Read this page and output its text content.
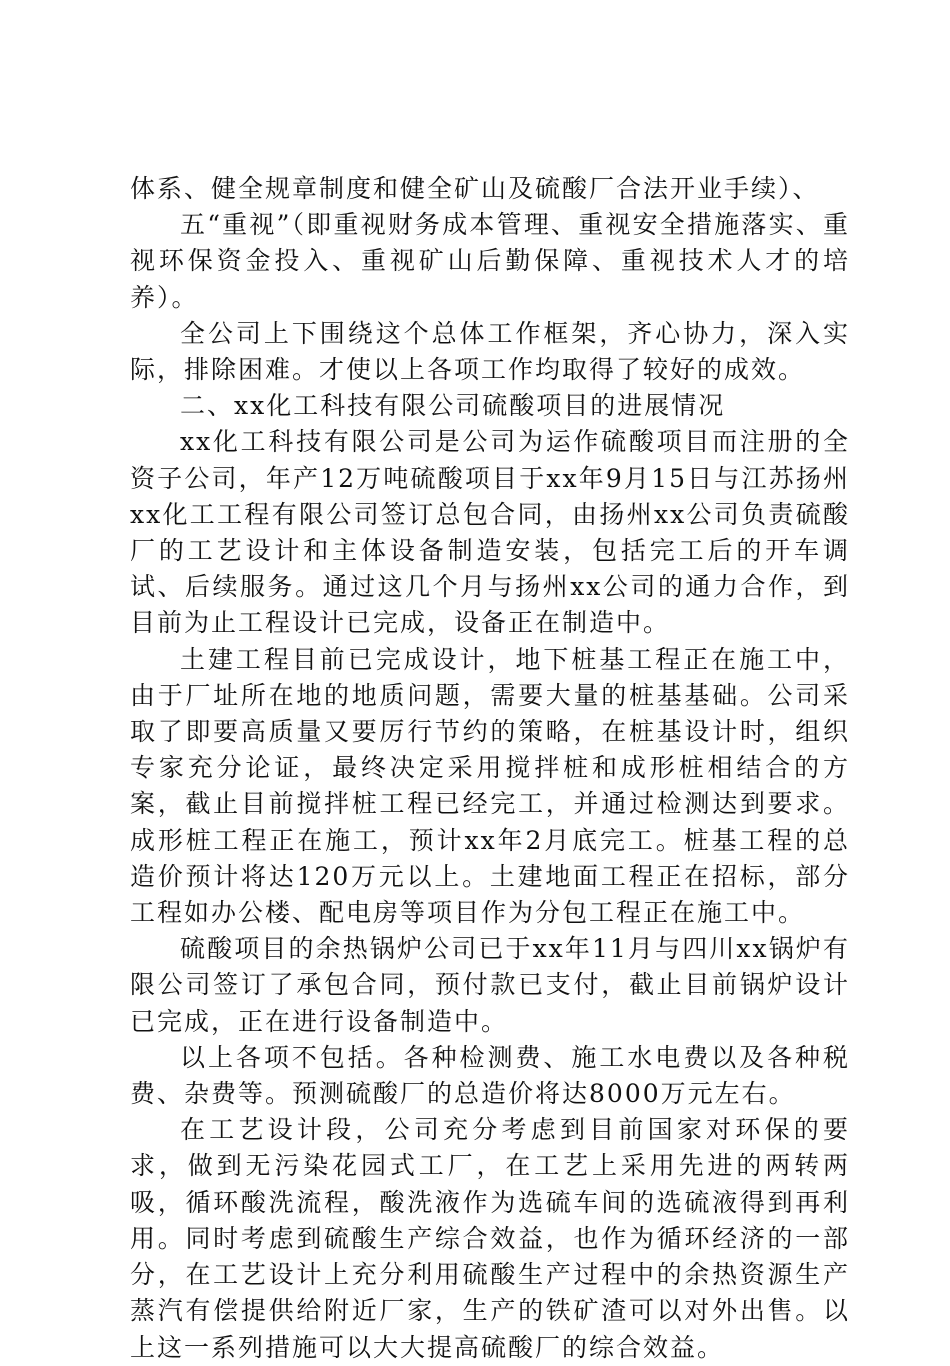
体系、健全规章制度和健全矿山及硫酸厂合法开业手续）、

五“重视”（即重视财务成本管理、重视安全措施落实、重视环保资金投入、重视矿山后勤保障、重视技术人才的培养）。

全公司上下围绕这个总体工作框架，齐心协力，深入实际，排除困难。才使以上各项工作均取得了较好的成效。

二、xx化工科技有限公司硫酸项目的进展情况

xx化工科技有限公司是公司为运作硫酸项目而注册的全资子公司，年产12万吨硫酸项目于xx年9月15日与江苏扬州xx化工工程有限公司签订总包合同，由扬州xx公司负责硫酸厂的工艺设计和主体设备制造安装，包括完工后的开车调试、后续服务。通过这几个月与扬州xx公司的通力合作，到目前为止工程设计已完成，设备正在制造中。

土建工程目前已完成设计，地下桩基工程正在施工中，由于厂址所在地的地质问题，需要大量的桩基基础。公司采取了即要高质量又要厉行节约的策略，在桩基设计时，组织专家充分论证，最终决定采用搅拌桩和成形桩相结合的方案，截止目前搅拌桩工程已经完工，并通过检测达到要求。成形桩工程正在施工，预计xx年2月底完工。桩基工程的总造价预计将达120万元以上。土建地面工程正在招标，部分工程如办公楼、配电房等项目作为分包工程正在施工中。

硫酸项目的余热锅炉公司已于xx年11月与四川xx锅炉有限公司签订了承包合同，预付款已支付，截止目前锅炉设计已完成，正在进行设备制造中。

以上各项不包括。各种检测费、施工水电费以及各种税费、杂费等。预测硫酸厂的总造价将达8000万元左右。

在工艺设计段，公司充分考虑到目前国家对环保的要求，做到无污染花园式工厂，在工艺上采用先进的两转两吸，循环酸洗流程，酸洗液作为选硫车间的选硫液得到再利用。同时考虑到硫酸生产综合效益，也作为循环经济的一部分，在工艺设计上充分利用硫酸生产过程中的余热资源生产蒸汽有偿提供给附近厂家，生产的铁矿渣可以对外出售。以上这一系列措施可以大大提高硫酸厂的综合效益。
